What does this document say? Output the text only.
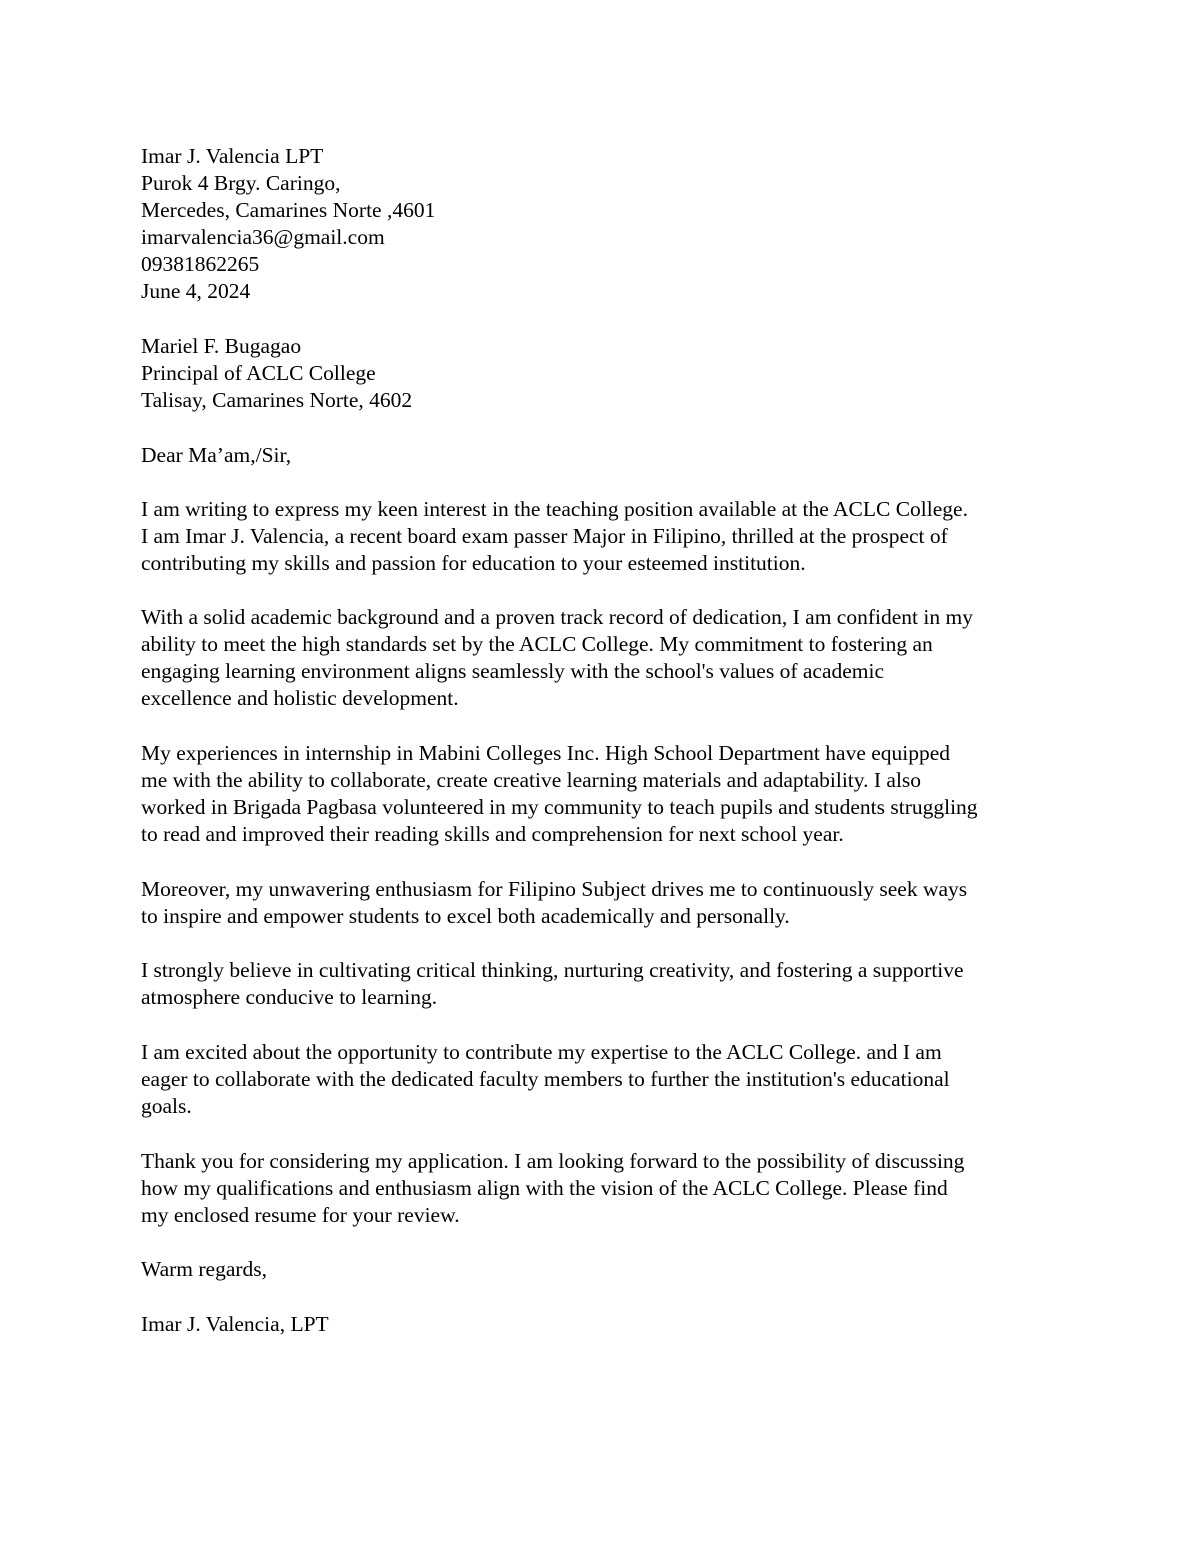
Imar J. Valencia LPT
Purok 4 Brgy. Caringo,
Mercedes, Camarines Norte ,4601
imarvalencia36@gmail.com
09381862265
June 4, 2024
Mariel F. Bugagao
Principal of ACLC College
Talisay, Camarines Norte, 4602
Dear Ma’am,/Sir,
I am writing to express my keen interest in the teaching position available at the ACLC College.
I am Imar J. Valencia, a recent board exam passer Major in Filipino, thrilled at the prospect of
contributing my skills and passion for education to your esteemed institution.
With a solid academic background and a proven track record of dedication, I am confident in my
ability to meet the high standards set by the ACLC College. My commitment to fostering an
engaging learning environment aligns seamlessly with the school's values of academic
excellence and holistic development.
My experiences in internship in Mabini Colleges Inc. High School Department have equipped
me with the ability to collaborate, create creative learning materials and adaptability. I also
worked in Brigada Pagbasa volunteered in my community to teach pupils and students struggling
to read and improved their reading skills and comprehension for next school year.
Moreover, my unwavering enthusiasm for Filipino Subject drives me to continuously seek ways
to inspire and empower students to excel both academically and personally.
I strongly believe in cultivating critical thinking, nurturing creativity, and fostering a supportive
atmosphere conducive to learning.
I am excited about the opportunity to contribute my expertise to the ACLC College. and I am
eager to collaborate with the dedicated faculty members to further the institution's educational
goals.
Thank you for considering my application. I am looking forward to the possibility of discussing
how my qualifications and enthusiasm align with the vision of the ACLC College. Please find
my enclosed resume for your review.
Warm regards,
Imar J. Valencia, LPT
